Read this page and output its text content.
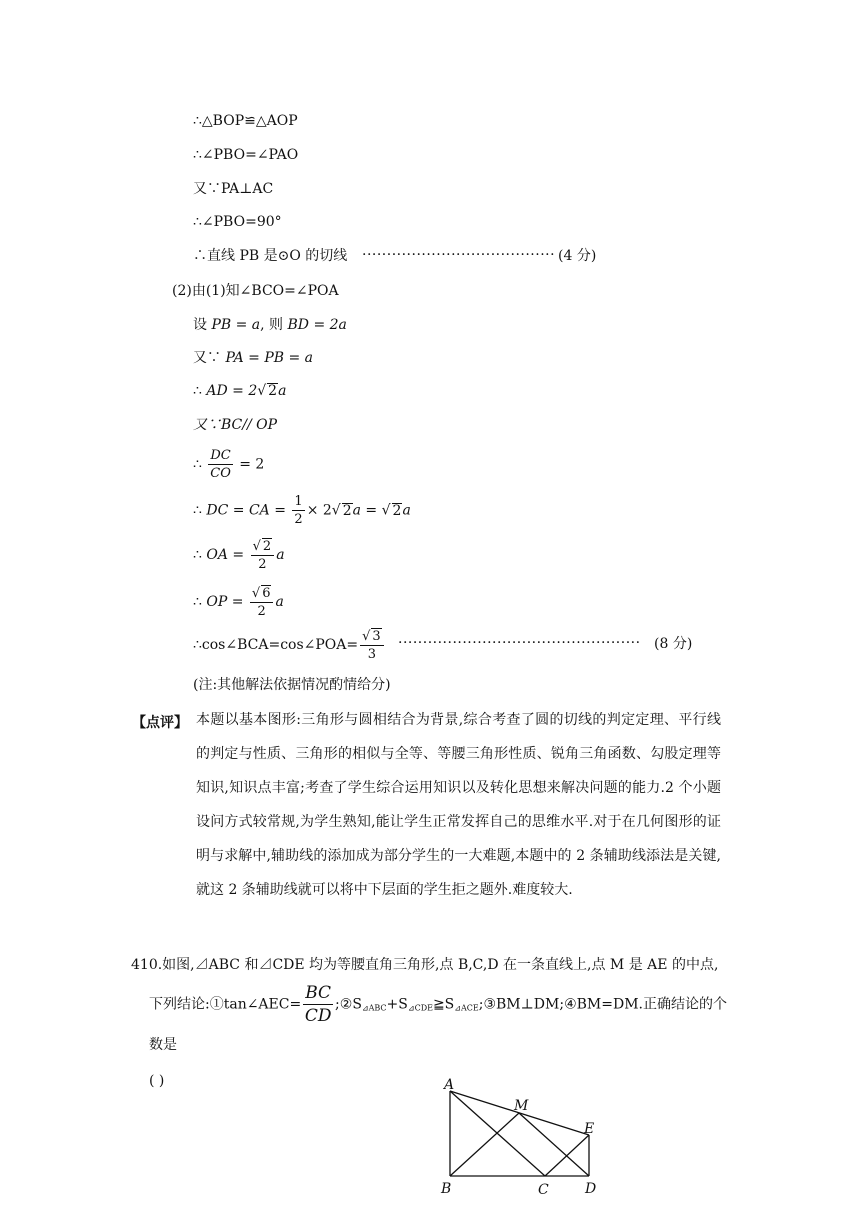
∴△BOP≌△AOP
∴∠PBO=∠PAO
又∵PA⊥AC
∴∠PBO=90°
∴直线 PB 是⊙O 的切线 ······································· (4 分)
(2)由(1)知∠BCO=∠POA
设 PB = a, 则 BD = 2a
又∵ PA = PB = a
∴ AD = 2√ 2a
又∵BC// OP
∴ $\frac{DC}{CO} = 2$
∴ DC = CA = $\frac{1}{2} \times 2√$ 2a = √ 2a
∴ OA = $\frac{√ 2}{2}$ a
∴ OP = $\frac{√ 6}{2}$ a
∴cos∠BCA=cos∠POA= $\frac{√ 3}{3}$ ················································· (8 分)
(注:其他解法依据情况酌情给分)
【点评】 本题以基本图形:三角形与圆相结合为背景,综合考查了圆的切线的判定定理、平行线的判定与性质、三角形的相似与全等、等腰三角形性质、锐角三角函数、勾股定理等知识,知识点丰富;考查了学生综合运用知识以及转化思想来解决问题的能力.2 个小题设问方式较常规,为学生熟知,能让学生正常发挥自己的思维水平.对于在几何图形的证明与求解中,辅助线的添加成为部分学生的一大难题,本题中的 2 条辅助线添法是关键,就这 2 条辅助线就可以将中下层面的学生拒之题外.难度较大.
410.如图,⊿ABC 和⊿CDE 均为等腰直角三角形,点 B,C,D 在一条直线上,点 M 是 AE 的中点,
下列结论:①tan∠AEC= $\frac{BC}{CD}$ $;②S_{⊿ABC}+S_{⊿CDE}≧S_{⊿ACE};③BM\perp DM;④BM=DM$.正确结论的个数是
( )	A
M
E
B	C	D
